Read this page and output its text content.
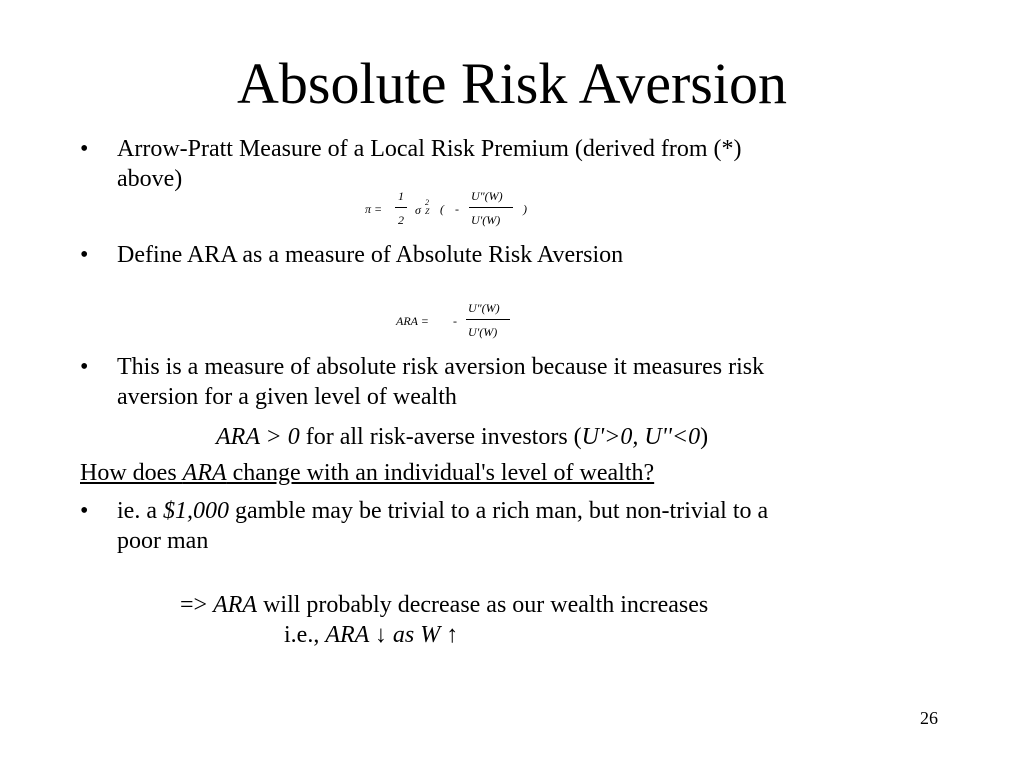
Absolute Risk Aversion
•	Arrow-Pratt Measure of a Local Risk Premium (derived from (*)
above)
π =
1
2
σ
2
Z ( -
U″(W)
U′(W)
)
•	Define ARA as a measure of Absolute Risk Aversion
ARA = -
U″(W)
U′(W)
•	This is a measure of absolute risk aversion because it measures risk
aversion for a given level of wealth
ARA > 0 for all risk-averse investors (U'>0, U''<0)
How does ARA change with an individual's level of wealth?
•	ie. a $1,000 gamble may be trivial to a rich man, but non-trivial to a
poor man
=> ARA will probably decrease as our wealth increases
i.e., ARA ↓ as W ↑
26
